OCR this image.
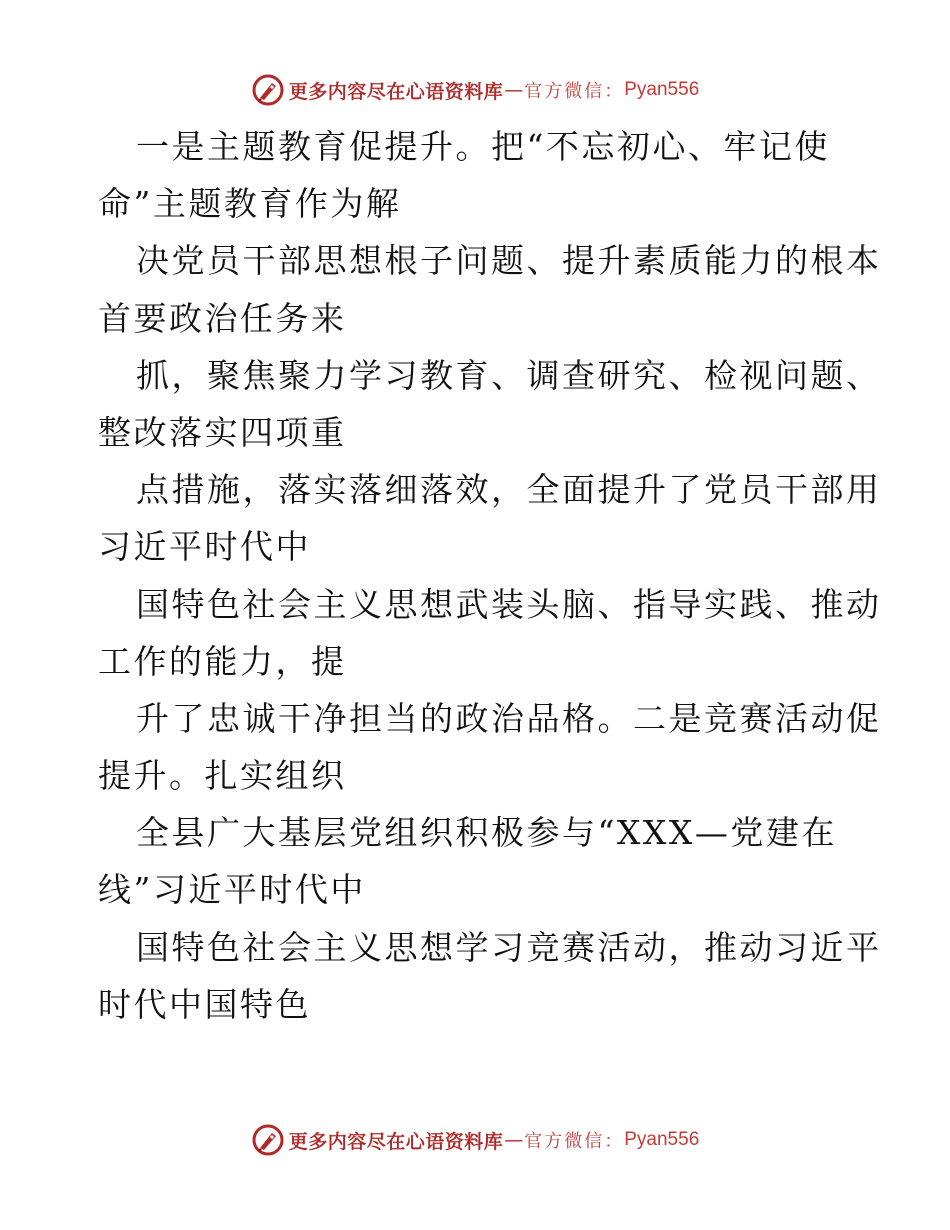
更多内容尽在心语资料库 — 官方微信： Pyan556
一是主题教育促提升。把“不忘初心、牢记使
命”主题教育作为解
决党员干部思想根子问题、提升素质能力的根本
首要政治任务来
抓，聚焦聚力学习教育、调查研究、检视问题、
整改落实四项重
点措施，落实落细落效，全面提升了党员干部用
习近平时代中
国特色社会主义思想武装头脑、指导实践、推动
工作的能力，提
升了忠诚干净担当的政治品格。二是竞赛活动促
提升。扎实组织
全县广大基层党组织积极参与“XXX—党建在
线”习近平时代中
国特色社会主义思想学习竞赛活动，推动习近平
时代中国特色
更多内容尽在心语资料库 — 官方微信： Pyan556
